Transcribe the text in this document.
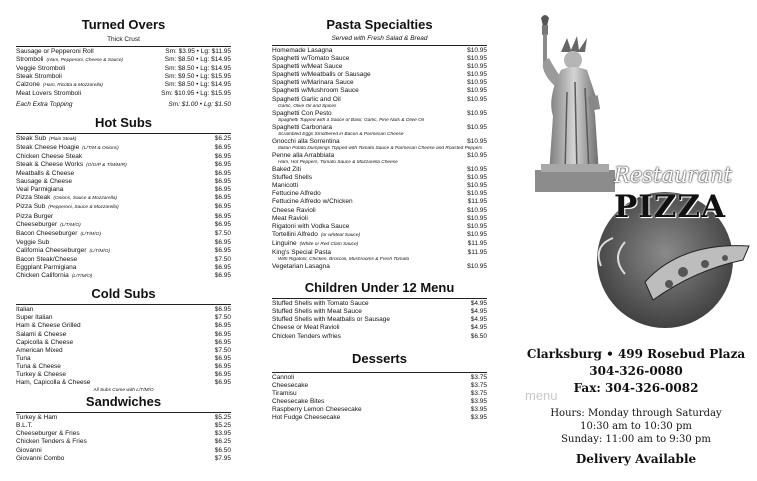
Turned Overs
Thick Crust
Sausage or Pepperoni Roll	Sm: $3.95 • Lg: $11.95
Stromboli (Ham, Pepperoni, Cheese & Sauce)	Sm: $8.50 • Lg: $14.95
Veggie Stromboli	Sm: $8.50 • Lg: $14.95
Steak Stromboli	Sm: $9.50 • Lg: $15.95
Calzone (Ham, Ricotta & Mozzarella)	Sm: $8.50 • Lg: $14.95
Meat Lovers Stromboli	Sm: $10.95 • Lg: $15.95
Each Extra Topping	Sm: $1.00 • Lg: $1.50
Hot Subs
Steak Sub (Plain Steak)	$6.25
Steak Cheese Hoagie (L/T/M & Onions)	$6.95
Chicken Cheese Steak	$6.95
Steak & Cheese Works (O/G/P & T/M/M/R)	$6.95
Meatballs & Cheese	$6.95
Sausage & Cheese	$6.95
Veal Parmigiana	$6.95
Pizza Steak (Onions, Sauce & Mozzarella)	$6.95
Pizza Sub (Pepperoni, Sauce & Mozzarella)	$6.95
Pizza Burger	$6.95
Cheeseburger (L/T/M/O)	$6.95
Bacon Cheeseburger (L/T/M/O)	$7.50
Veggie Sub	$6.95
California Cheeseburger (L/T/M/O)	$6.95
Bacon Steak/Cheese	$7.50
Eggplant Parmigiana	$6.95
Chicken California (L/T/M/O)	$6.95
Cold Subs
Italian	$6.95
Super Italian	$7.50
Ham & Cheese Grilled	$6.95
Salami & Cheese	$6.95
Capicolla & Cheese	$6.95
American Mixed	$7.50
Tuna	$6.95
Tuna & Cheese	$6.95
Turkey & Cheese	$6.95
Ham, Capicolla & Cheese	$6.95
All Subs Come with L/T/M/O
Sandwiches
Turkey & Ham	$5.25
B.L.T.	$5.25
Cheeseburger & Fries	$3.95
Chicken Tenders & Fries	$6.25
Giovanni	$6.50
Giovanni Combo	$7.95
Pasta Specialties
Served with Fresh Salad & Bread
Homemade Lasagna	$10.95
Spaghetti w/Tomato Sauce	$10.95
Spaghetti w/Meat Sauce	$10.95
Spaghetti w/Meatballs or Sausage	$10.95
Spaghetti w/Marinara Sauce	$10.95
Spaghetti w/Mushroom Sauce	$10.95
Spaghetti Garlic and Oil	$10.95
Garlic, Olive Oil and Spices
Spaghetti Con Pesto	$10.95
Spaghetti Topped with a Sauce of Basil, Garlic, Pine Nuts & Olive Oil
Spaghetti Carbonara	$10.95
Scrambled Eggs Smothered in Bacon & Parmesan Cheese
Gnocchi alla Sorrentina	$10.95
Italian Potato Dumplings Topped with Tomato Sauce & Parmesan Cheese and Roasted Peppers
Penne alla Arrabbiata	$10.95
Ham, Hot Peppers, Tomato Sauce & Mozzarella Cheese
Baked Ziti	$10.95
Stuffed Shells	$10.95
Manicotti	$10.95
Fettucine Alfredo	$10.95
Fettucine Alfredo w/Chicken	$11.95
Cheese Ravioli	$10.95
Meat Ravioli	$10.95
Rigatoni with Vodka Sauce	$10.95
Tortellini Alfredo (or w/Meat Sauce)	$10.95
Linguine (White or Red Clam Sauce)	$11.95
King's Special Pasta	$11.95
With Rigatoni, Chicken, Broccoli, Mushrooms & Fresh Tomato
Vegetarian Lasagna	$10.95
Children Under 12 Menu
Stuffed Shells with Tomato Sauce	$4.95
Stuffed Shells with Meat Sauce	$4.95
Stuffed Shells with Meatballs or Sausage	$4.95
Cheese or Meat Ravioli	$4.95
Chicken Tenders w/fries	$6.50
Desserts
Cannoli	$3.75
Cheesecake	$3.75
Tiramisu	$3.75
Cheesecake Bites	$3.95
Raspberry Lemon Cheesecake	$3.95
Hot Fudge Cheesecake	$3.95
Restaurant
PIZZA
Clarksburg • 499 Rosebud Plaza
304-326-0080
Fax: 304-326-0082
menu
Hours: Monday through Saturday
10:30 am to 10:30 pm
Sunday: 11:00 am to 9:30 pm
Delivery Available
